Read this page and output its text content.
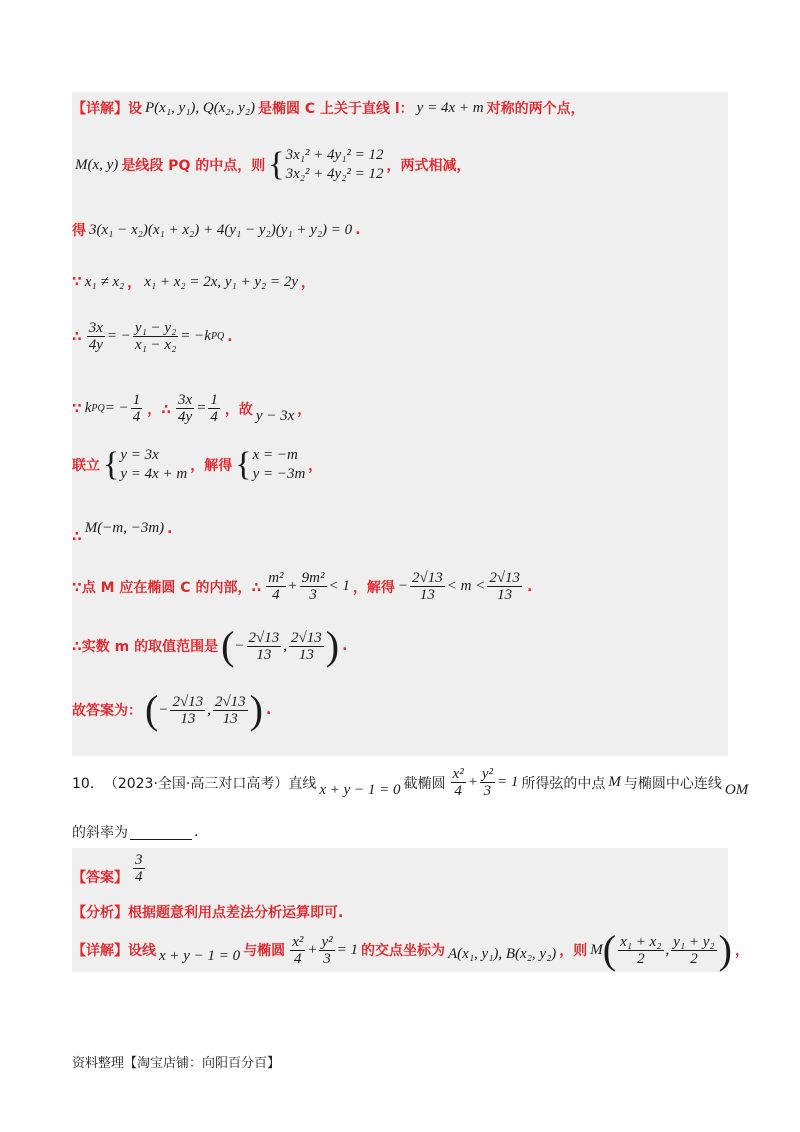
【详解】设 P(x₁, y₁), Q(x₂, y₂) 是椭圆 C 上关于直线 l： y = 4x + m 对称的两个点，
M(x, y) 是线段 PQ 的中点，则 { 3x₁² + 4y₁² = 12
3x₂² + 4y₂² = 12 ，两式相减，
得 3(x₁ − x₂)(x₁ + x₂) + 4(y₁ − y₂)(y₁ + y₂) = 0 .
∵ x₁ ≠ x₂ ， x₁ + x₂ = 2x, y₁ + y₂ = 2y ，
∴ $\frac{3x}{4y}$ = − $\frac{\text{y₁ − y₂}}{\text{x₁ − x₂}} = -k$ PQ .
∵ k PQ = − $\frac{1}{4}$ ，∴ $\frac{3x}{4y} = \frac{1}{4}$ ，故 y − 3x ，
联立 { y = 3x
y = 4x + m ，解得 { x = −m
y = −3m ，
∴
M(−m, −3m) .
∵点 M 应在椭圆 C 的内部，∴ $\frac{\text{m²}}{4} + \frac{\text{9m²}}{3} < 1$ ，解得 − $\frac{2√13}{13} < m < \frac{2√13}{13}$ .
∴实数 m 的取值范围是 ( − $\frac{2√13}{13}$ , $\frac{2√13}{13}$ ) .
故答案为： ( − $\frac{2√13}{13}$ , $\frac{2√13}{13}$ ) .
10． （2023·全国·高三对口高考）直线 x + y − 1 = 0 截椭圆 $\frac{\text{x²}}{4} + \frac{\text{y²}}{3} = 1$ 所得弦的中点 M 与椭圆中心连线 OM
的斜率为	.
【答案】 $\frac{3}{4}$
【分析】根据题意利用点差法分析运算即可.
【详解】设线 x + y − 1 = 0 与椭圆 $\frac{\text{x²}}{4} + \frac{\text{y²}}{3} = 1$ 的交点坐标为 A(x₁, y₁), B(x₂, y₂) ，则 M ( $\frac{\text{x₁ + x₂}}{2}$ , $\frac{\text{y₁ + y₂}}{2}$ ) ，
资料整理【淘宝店铺：向阳百分百】
